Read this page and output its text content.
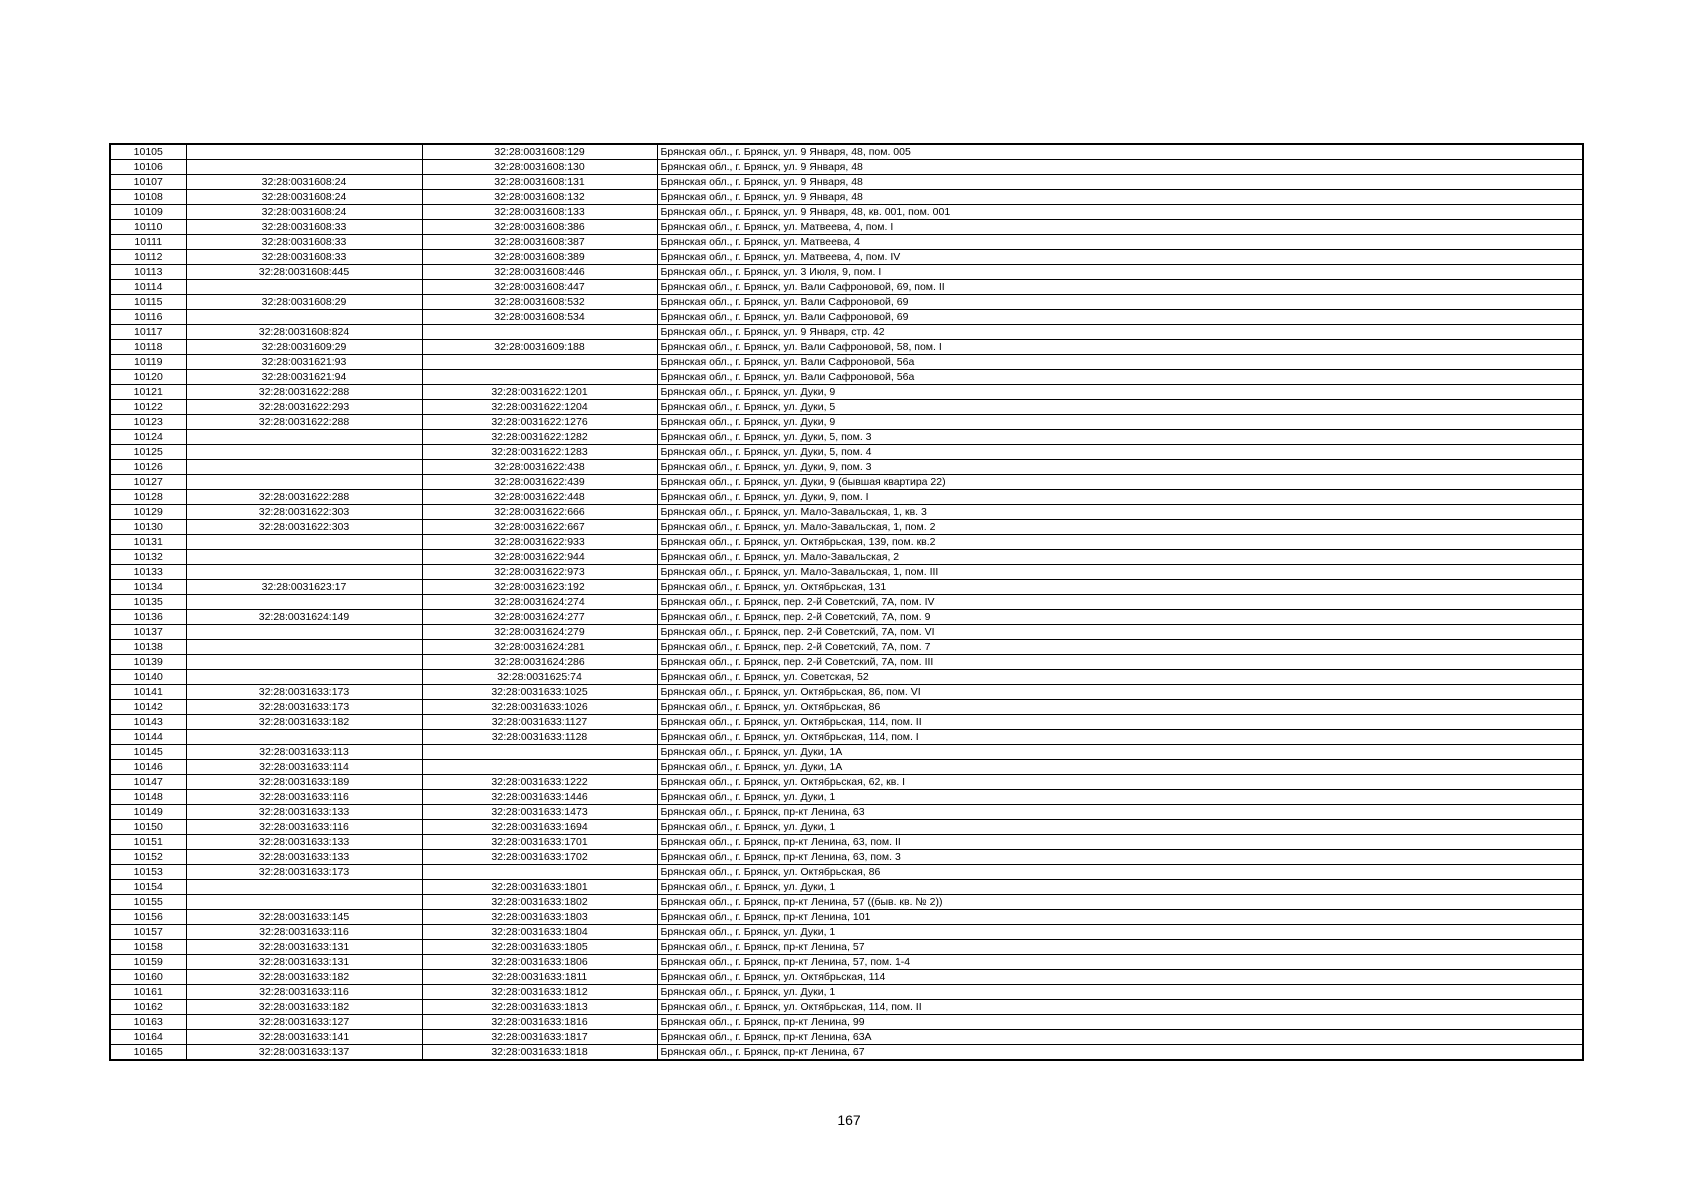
10105		32:28:0031608:129	Брянская обл., г. Брянск, ул. 9 Января, 48, пом. 005
10106		32:28:0031608:130	Брянская обл., г. Брянск, ул. 9 Января, 48
10107	32:28:0031608:24	32:28:0031608:131	Брянская обл., г. Брянск, ул. 9 Января, 48
10108	32:28:0031608:24	32:28:0031608:132	Брянская обл., г. Брянск, ул. 9 Января, 48
10109	32:28:0031608:24	32:28:0031608:133	Брянская обл., г. Брянск, ул. 9 Января, 48, кв. 001, пом. 001
10110	32:28:0031608:33	32:28:0031608:386	Брянская обл., г. Брянск, ул. Матвеева, 4, пом. I
10111	32:28:0031608:33	32:28:0031608:387	Брянская обл., г. Брянск, ул. Матвеева, 4
10112	32:28:0031608:33	32:28:0031608:389	Брянская обл., г. Брянск, ул. Матвеева, 4, пом. IV
10113	32:28:0031608:445	32:28:0031608:446	Брянская обл., г. Брянск, ул. 3 Июля, 9, пом. I
10114		32:28:0031608:447	Брянская обл., г. Брянск, ул. Вали Сафроновой, 69, пом. II
10115	32:28:0031608:29	32:28:0031608:532	Брянская обл., г. Брянск, ул. Вали Сафроновой, 69
10116		32:28:0031608:534	Брянская обл., г. Брянск, ул. Вали Сафроновой, 69
10117	32:28:0031608:824		Брянская обл., г. Брянск, ул. 9 Января, стр. 42
10118	32:28:0031609:29	32:28:0031609:188	Брянская обл., г. Брянск, ул. Вали Сафроновой, 58, пом. I
10119	32:28:0031621:93		Брянская обл., г. Брянск, ул. Вали Сафроновой, 56а
10120	32:28:0031621:94		Брянская обл., г. Брянск, ул. Вали Сафроновой, 56а
10121	32:28:0031622:288	32:28:0031622:1201	Брянская обл., г. Брянск, ул. Дуки, 9
10122	32:28:0031622:293	32:28:0031622:1204	Брянская обл., г. Брянск, ул. Дуки, 5
10123	32:28:0031622:288	32:28:0031622:1276	Брянская обл., г. Брянск, ул. Дуки, 9
10124		32:28:0031622:1282	Брянская обл., г. Брянск, ул. Дуки, 5, пом. 3
10125		32:28:0031622:1283	Брянская обл., г. Брянск, ул. Дуки, 5, пом. 4
10126		32:28:0031622:438	Брянская обл., г. Брянск, ул. Дуки, 9, пом. 3
10127		32:28:0031622:439	Брянская обл., г. Брянск, ул. Дуки, 9 (бывшая квартира 22)
10128	32:28:0031622:288	32:28:0031622:448	Брянская обл., г. Брянск, ул. Дуки, 9, пом. I
10129	32:28:0031622:303	32:28:0031622:666	Брянская обл., г. Брянск, ул. Мало-Завальская, 1, кв. 3
10130	32:28:0031622:303	32:28:0031622:667	Брянская обл., г. Брянск, ул. Мало-Завальская, 1, пом. 2
10131		32:28:0031622:933	Брянская обл., г. Брянск, ул. Октябрьская, 139, пом. кв.2
10132		32:28:0031622:944	Брянская обл., г. Брянск, ул. Мало-Завальская, 2
10133		32:28:0031622:973	Брянская обл., г. Брянск, ул. Мало-Завальская, 1, пом. III
10134	32:28:0031623:17	32:28:0031623:192	Брянская обл., г. Брянск, ул. Октябрьская, 131
10135		32:28:0031624:274	Брянская обл., г. Брянск, пер. 2-й Советский, 7А, пом. IV
10136	32:28:0031624:149	32:28:0031624:277	Брянская обл., г. Брянск, пер. 2-й Советский, 7А, пом. 9
10137		32:28:0031624:279	Брянская обл., г. Брянск, пер. 2-й Советский, 7А, пом. VI
10138		32:28:0031624:281	Брянская обл., г. Брянск, пер. 2-й Советский, 7А, пом. 7
10139		32:28:0031624:286	Брянская обл., г. Брянск, пер. 2-й Советский, 7А, пом. III
10140		32:28:0031625:74	Брянская обл., г. Брянск, ул. Советская, 52
10141	32:28:0031633:173	32:28:0031633:1025	Брянская обл., г. Брянск, ул. Октябрьская, 86, пом. VI
10142	32:28:0031633:173	32:28:0031633:1026	Брянская обл., г. Брянск, ул. Октябрьская, 86
10143	32:28:0031633:182	32:28:0031633:1127	Брянская обл., г. Брянск, ул. Октябрьская, 114, пом. II
10144		32:28:0031633:1128	Брянская обл., г. Брянск, ул. Октябрьская, 114, пом. I
10145	32:28:0031633:113		Брянская обл., г. Брянск, ул. Дуки, 1А
10146	32:28:0031633:114		Брянская обл., г. Брянск, ул. Дуки, 1А
10147	32:28:0031633:189	32:28:0031633:1222	Брянская обл., г. Брянск, ул. Октябрьская, 62, кв. I
10148	32:28:0031633:116	32:28:0031633:1446	Брянская обл., г. Брянск, ул. Дуки, 1
10149	32:28:0031633:133	32:28:0031633:1473	Брянская обл., г. Брянск, пр-кт Ленина, 63
10150	32:28:0031633:116	32:28:0031633:1694	Брянская обл., г. Брянск, ул. Дуки, 1
10151	32:28:0031633:133	32:28:0031633:1701	Брянская обл., г. Брянск, пр-кт Ленина, 63, пом. II
10152	32:28:0031633:133	32:28:0031633:1702	Брянская обл., г. Брянск, пр-кт Ленина, 63, пом. 3
10153	32:28:0031633:173		Брянская обл., г. Брянск, ул. Октябрьская, 86
10154		32:28:0031633:1801	Брянская обл., г. Брянск, ул. Дуки, 1
10155		32:28:0031633:1802	Брянская обл., г. Брянск, пр-кт Ленина, 57 ((быв. кв. № 2))
10156	32:28:0031633:145	32:28:0031633:1803	Брянская обл., г. Брянск, пр-кт Ленина, 101
10157	32:28:0031633:116	32:28:0031633:1804	Брянская обл., г. Брянск, ул. Дуки, 1
10158	32:28:0031633:131	32:28:0031633:1805	Брянская обл., г. Брянск, пр-кт Ленина, 57
10159	32:28:0031633:131	32:28:0031633:1806	Брянская обл., г. Брянск, пр-кт Ленина, 57, пом. 1-4
10160	32:28:0031633:182	32:28:0031633:1811	Брянская обл., г. Брянск, ул. Октябрьская, 114
10161	32:28:0031633:116	32:28:0031633:1812	Брянская обл., г. Брянск, ул. Дуки, 1
10162	32:28:0031633:182	32:28:0031633:1813	Брянская обл., г. Брянск, ул. Октябрьская, 114, пом. II
10163	32:28:0031633:127	32:28:0031633:1816	Брянская обл., г. Брянск, пр-кт Ленина, 99
10164	32:28:0031633:141	32:28:0031633:1817	Брянская обл., г. Брянск, пр-кт Ленина, 63А
10165	32:28:0031633:137	32:28:0031633:1818	Брянская обл., г. Брянск, пр-кт Ленина, 67
167
